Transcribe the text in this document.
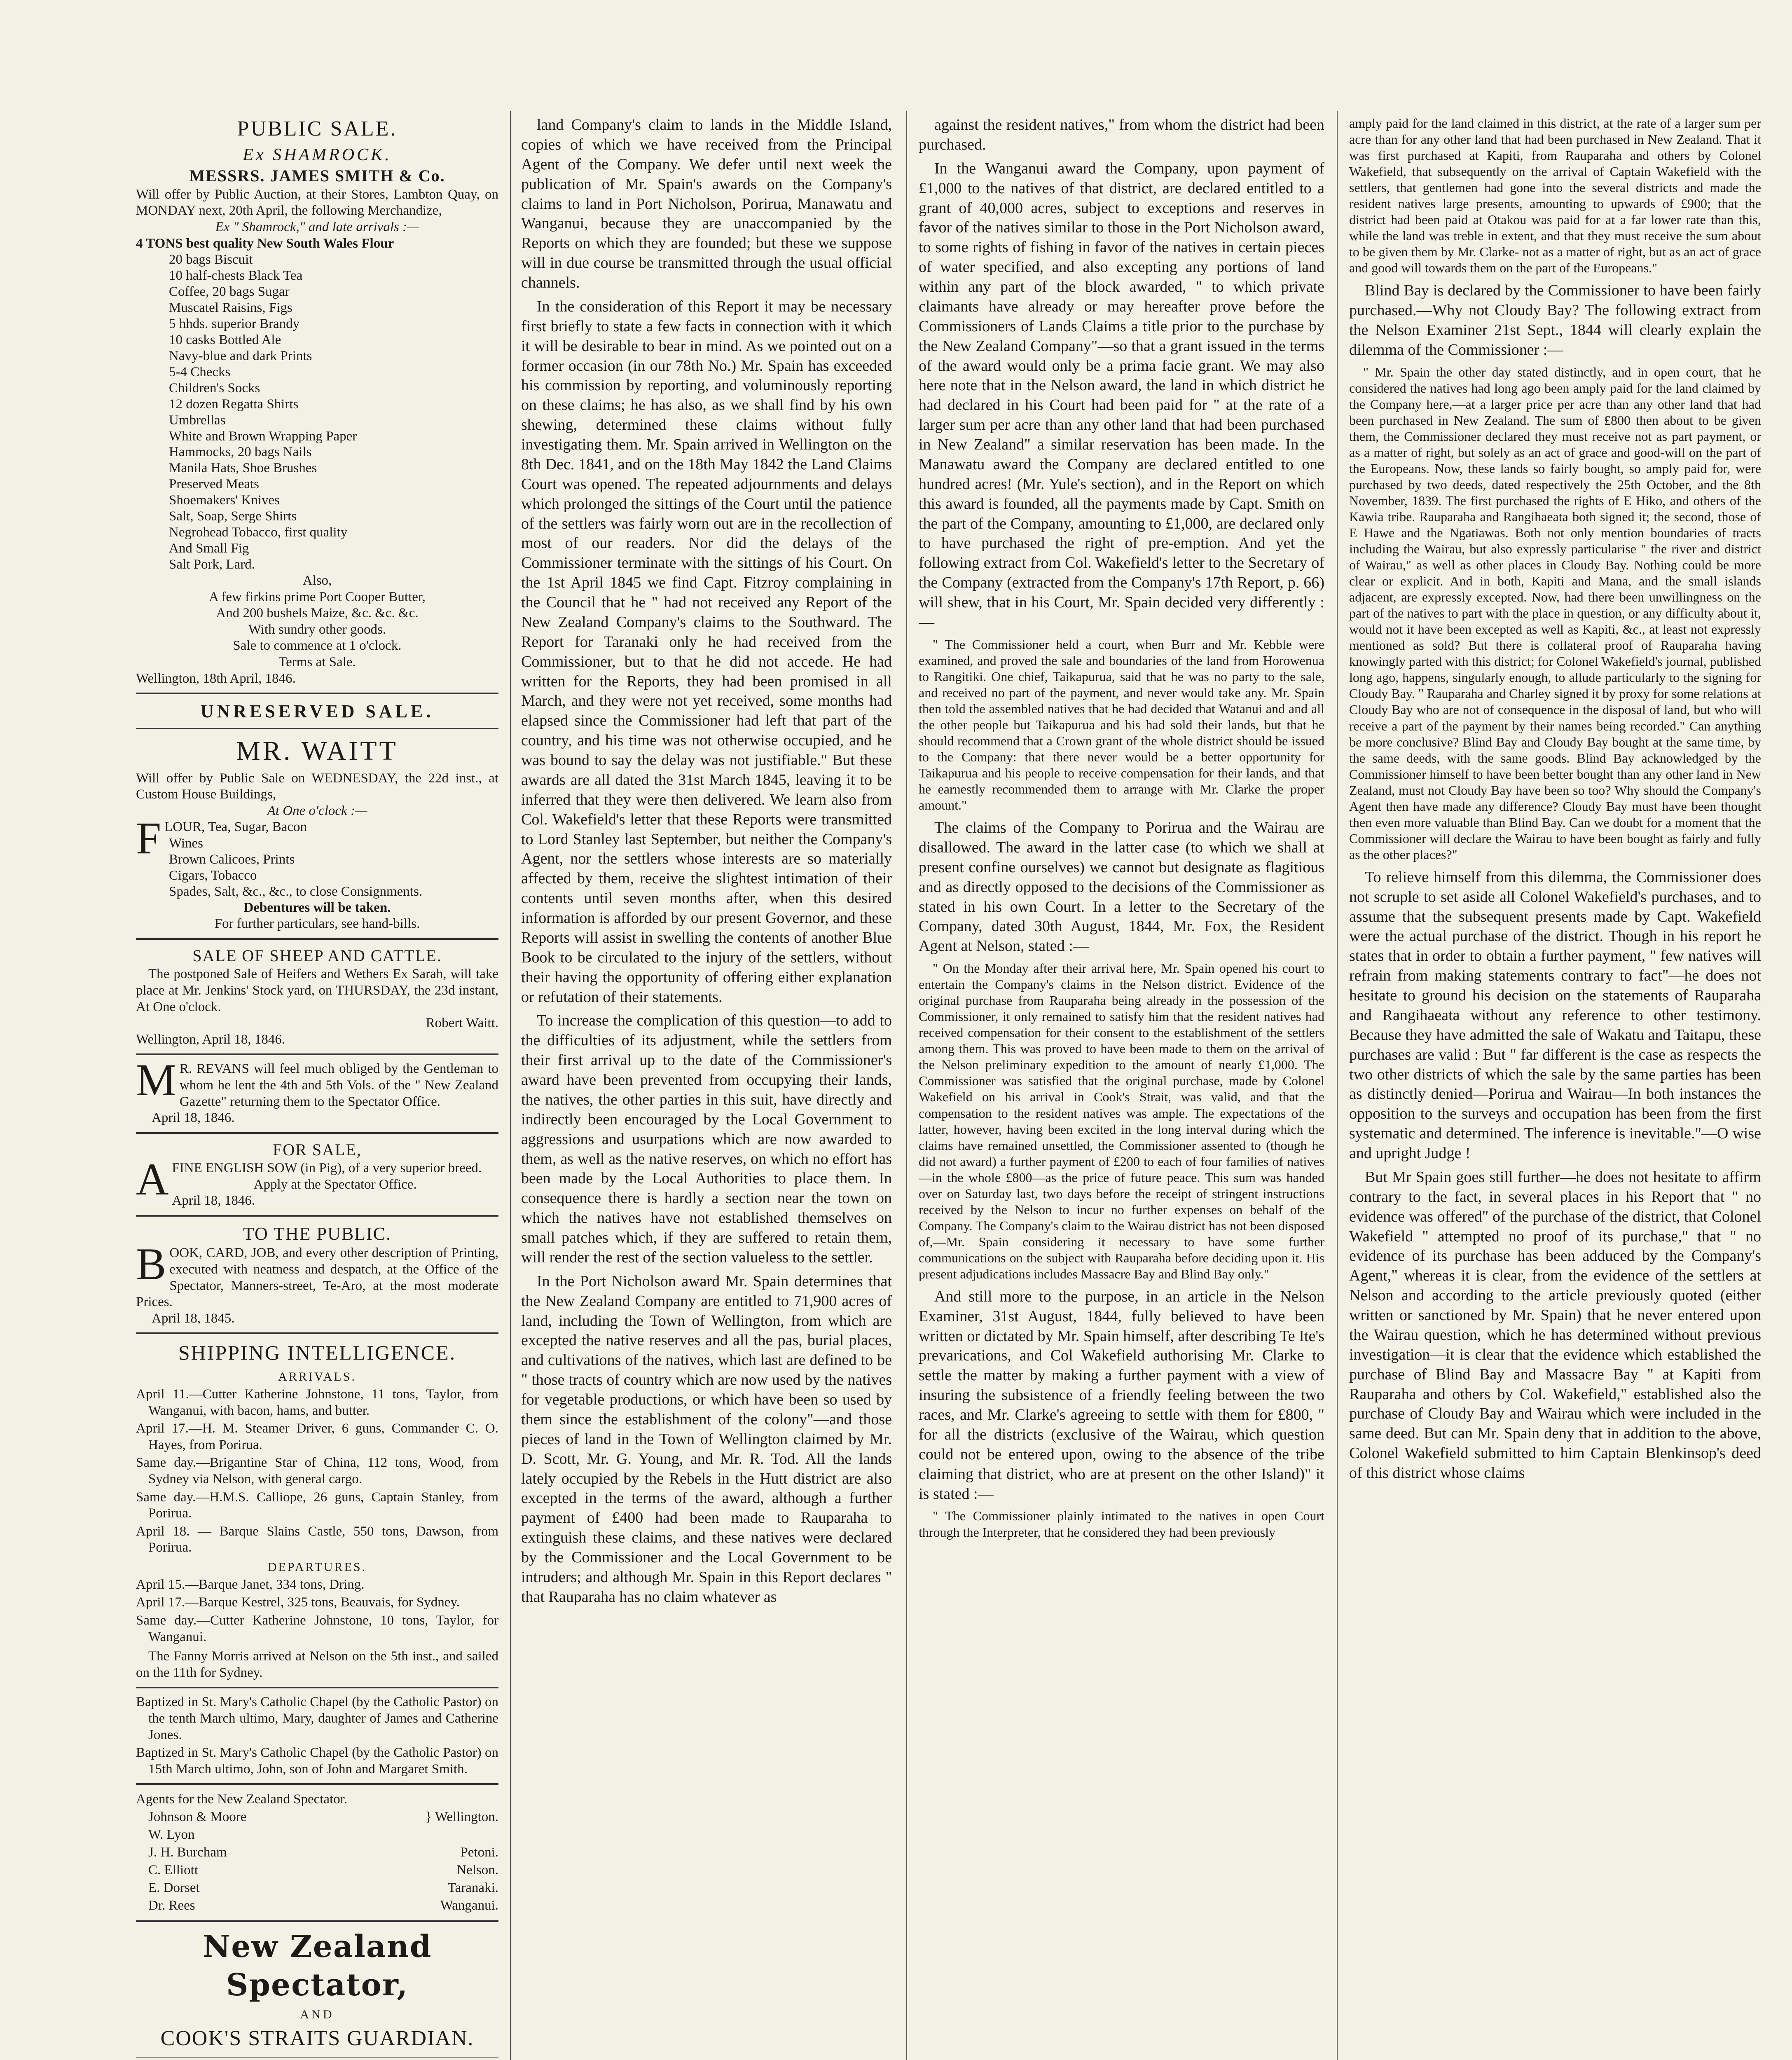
PUBLIC SALE.
Ex SHAMROCK.
MESSRS. JAMES SMITH & Co.
Will offer by Public Auction, at their Stores, Lambton Quay, on MONDAY next, 20th April, the following Merchandize,
Ex " Shamrock," and late arrivals :—
4 TONS best quality New South Wales Flour
20 bags Biscuit
10 half-chests Black Tea
Coffee, 20 bags Sugar
Muscatel Raisins, Figs
5 hhds. superior Brandy
10 casks Bottled Ale
Navy-blue and dark Prints
5-4 Checks
Children's Socks
12 dozen Regatta Shirts
Umbrellas
White and Brown Wrapping Paper
Hammocks, 20 bags Nails
Manila Hats, Shoe Brushes
Preserved Meats
Shoemakers' Knives
Salt, Soap, Serge Shirts
Negrohead Tobacco, first quality
And Small Fig
Salt Pork, Lard.
Also,
A few firkins prime Port Cooper Butter,
And 200 bushels Maize, &c. &c. &c.
With sundry other goods.
Sale to commence at 1 o'clock.
Terms at Sale.
Wellington, 18th April, 1846.
UNRESERVED SALE.
MR. WAITT
Will offer by Public Sale on WEDNESDAY, the 22d inst., at Custom House Buildings,
At One o'clock :—
FLOUR, Tea, Sugar, Bacon
Wines
Brown Calicoes, Prints
Cigars, Tobacco
Spades, Salt, &c., &c., to close Consignments.
Debentures will be taken.
For further particulars, see hand-bills.
SALE OF SHEEP AND CATTLE.
The postponed Sale of Heifers and Wethers Ex Sarah, will take place at Mr. Jenkins' Stock yard, on THURSDAY, the 23d instant, At One o'clock.
Robert Waitt.
Wellington, April 18, 1846.
MR. REVANS will feel much obliged by the Gentleman to whom he lent the 4th and 5th Vols. of the " New Zealand Gazette" returning them to the Spectator Office.
April 18, 1846.
FOR SALE,
AFINE ENGLISH SOW (in Pig), of a very superior breed.
Apply at the Spectator Office.
April 18, 1846.
TO THE PUBLIC.
BOOK, CARD, JOB, and every other description of Printing, executed with neatness and despatch, at the Office of the Spectator, Manners-street, Te-Aro, at the most moderate Prices.
April 18, 1845.
SHIPPING INTELLIGENCE.
ARRIVALS.
April 11.—Cutter Katherine Johnstone, 11 tons, Taylor, from Wanganui, with bacon, hams, and butter.
April 17.—H. M. Steamer Driver, 6 guns, Commander C. O. Hayes, from Porirua.
Same day.—Brigantine Star of China, 112 tons, Wood, from Sydney via Nelson, with general cargo.
Same day.—H.M.S. Calliope, 26 guns, Captain Stanley, from Porirua.
April 18. — Barque Slains Castle, 550 tons, Dawson, from Porirua.
DEPARTURES.
April 15.—Barque Janet, 334 tons, Dring.
April 17.—Barque Kestrel, 325 tons, Beauvais, for Sydney.
Same day.—Cutter Katherine Johnstone, 10 tons, Taylor, for Wanganui.
The Fanny Morris arrived at Nelson on the 5th inst., and sailed on the 11th for Sydney.
Baptized in St. Mary's Catholic Chapel (by the Catholic Pastor) on the tenth March ultimo, Mary, daughter of James and Catherine Jones.
Baptized in St. Mary's Catholic Chapel (by the Catholic Pastor) on 15th March ultimo, John, son of John and Margaret Smith.
Agents for the New Zealand Spectator.
Johnson & Moore	} Wellington.
W. Lyon
J. H. Burcham	Petoni.
C. Elliott	Nelson.
E. Dorset	Taranaki.
Dr. Rees	Wanganui.
New Zealand Spectator,
AND
COOK'S STRAITS GUARDIAN.

land Company's claim to lands in the Middle Island, copies of which we have received from the Principal Agent of the Company. We defer until next week the publication of Mr. Spain's awards on the Company's claims to land in Port Nicholson, Porirua, Manawatu and Wanganui, because they are unaccompanied by the Reports on which they are founded; but these we suppose will in due course be transmitted through the usual official channels.

In the consideration of this Report it may be necessary first briefly to state a few facts in connection with it which it will be desirable to bear in mind. As we pointed out on a former occasion (in our 78th No.) Mr. Spain has exceeded his commission by reporting, and voluminously reporting on these claims; he has also, as we shall find by his own shewing, determined these claims without fully investigating them. Mr. Spain arrived in Wellington on the 8th Dec. 1841, and on the 18th May 1842 the Land Claims Court was opened. The repeated adjournments and delays which prolonged the sittings of the Court until the patience of the settlers was fairly worn out are in the recollection of most of our readers. Nor did the delays of the Commissioner terminate with the sittings of his Court. On the 1st April 1845 we find Capt. Fitzroy complaining in the Council that he " had not received any Report of the New Zealand Company's claims to the Southward. The Report for Taranaki only he had received from the Commissioner, but to that he did not accede. He had written for the Reports, they had been promised in all March, and they were not yet received, some months had elapsed since the Commissioner had left that part of the country, and his time was not otherwise occupied, and he was bound to say the delay was not justifiable." But these awards are all dated the 31st March 1845, leaving it to be inferred that they were then delivered. We learn also from Col. Wakefield's letter that these Reports were transmitted to Lord Stanley last September, but neither the Company's Agent, nor the settlers whose interests are so materially affected by them, receive the slightest intimation of their contents until seven months after, when this desired information is afforded by our present Governor, and these Reports will assist in swelling the contents of another Blue Book to be circulated to the injury of the settlers, without their having the opportunity of offering either explanation or refutation of their statements.

To increase the complication of this question—to add to the difficulties of its adjustment, while the settlers from their first arrival up to the date of the Commissioner's award have been prevented from occupying their lands, the natives, the other parties in this suit, have directly and indirectly been encouraged by the Local Government to aggressions and usurpations which are now awarded to them, as well as the native reserves, on which no effort has been made by the Local Authorities to place them. In consequence there is hardly a section near the town on which the natives have not established themselves on small patches which, if they are suffered to retain them, will render the rest of the section valueless to the settler.

In the Port Nicholson award Mr. Spain determines that the New Zealand Company are entitled to 71,900 acres of land, including the Town of Wellington, from which are excepted the native reserves and all the pas, burial places, and cultivations of the natives, which last are defined to be " those tracts of country which are now used by the natives for vegetable productions, or which have been so used by them since the establishment of the colony"—and those pieces of land in the Town of Wellington claimed by Mr. D. Scott, Mr. G. Young, and Mr. R. Tod. All the lands lately occupied by the Rebels in the Hutt district are also excepted in the terms of the award, although a further payment of £400 had been made to Rauparaha to extinguish these claims, and these natives were declared by the Commissioner and the Local Government to be intruders; and although Mr. Spain in this Report declares " that Rauparaha has no claim whatever as

against the resident natives," from whom the district had been purchased.

In the Wanganui award the Company, upon payment of £1,000 to the natives of that district, are declared entitled to a grant of 40,000 acres, subject to exceptions and reserves in favor of the natives similar to those in the Port Nicholson award, to some rights of fishing in favor of the natives in certain pieces of water specified, and also excepting any portions of land within any part of the block awarded, " to which private claimants have already or may hereafter prove before the Commissioners of Lands Claims a title prior to the purchase by the New Zealand Company"—so that a grant issued in the terms of the award would only be a prima facie grant. We may also here note that in the Nelson award, the land in which district he had declared in his Court had been paid for " at the rate of a larger sum per acre than any other land that had been purchased in New Zealand" a similar reservation has been made. In the Manawatu award the Company are declared entitled to one hundred acres! (Mr. Yule's section), and in the Report on which this award is founded, all the payments made by Capt. Smith on the part of the Company, amounting to £1,000, are declared only to have purchased the right of pre-emption. And yet the following extract from Col. Wakefield's letter to the Secretary of the Company (extracted from the Company's 17th Report, p. 66) will shew, that in his Court, Mr. Spain decided very differently :—

" The Commissioner held a court, when Burr and Mr. Kebble were examined, and proved the sale and boundaries of the land from Horowenua to Rangitiki. One chief, Taikapurua, said that he was no party to the sale, and received no part of the payment, and never would take any. Mr. Spain then told the assembled natives that he had decided that Watanui and and all the other people but Taikapurua and his had sold their lands, but that he should recommend that a Crown grant of the whole district should be issued to the Company: that there never would be a better opportunity for Taikapurua and his people to receive compensation for their lands, and that he earnestly recommended them to arrange with Mr. Clarke the proper amount."

The claims of the Company to Porirua and the Wairau are disallowed. The award in the latter case (to which we shall at present confine ourselves) we cannot but designate as flagitious and as directly opposed to the decisions of the Commissioner as stated in his own Court. In a letter to the Secretary of the Company, dated 30th August, 1844, Mr. Fox, the Resident Agent at Nelson, stated :—

" On the Monday after their arrival here, Mr. Spain opened his court to entertain the Company's claims in the Nelson district. Evidence of the original purchase from Rauparaha being already in the possession of the Commissioner, it only remained to satisfy him that the resident natives had received compensation for their consent to the establishment of the settlers among them. This was proved to have been made to them on the arrival of the Nelson preliminary expedition to the amount of nearly £1,000. The Commissioner was satisfied that the original purchase, made by Colonel Wakefield on his arrival in Cook's Strait, was valid, and that the compensation to the resident natives was ample. The expectations of the latter, however, having been excited in the long interval during which the claims have remained unsettled, the Commissioner assented to (though he did not award) a further payment of £200 to each of four families of natives—in the whole £800—as the price of future peace. This sum was handed over on Saturday last, two days before the receipt of stringent instructions received by the Nelson to incur no further expenses on behalf of the Company. The Company's claim to the Wairau district has not been disposed of,—Mr. Spain considering it necessary to have some further communications on the subject with Rauparaha before deciding upon it. His present adjudications includes Massacre Bay and Blind Bay only."

And still more to the purpose, in an article in the Nelson Examiner, 31st August, 1844, fully believed to have been written or dictated by Mr. Spain himself, after describing Te Ite's prevarications, and Col Wakefield authorising Mr. Clarke to settle the matter by making a further payment with a view of insuring the subsistence of a friendly feeling between the two races, and Mr. Clarke's agreeing to settle with them for £800, " for all the districts (exclusive of the Wairau, which question could not be entered upon, owing to the absence of the tribe claiming that district, who are at present on the other Island)" it is stated :—

" The Commissioner plainly intimated to the natives in open Court through the Interpreter, that he considered they had been previously
amply paid for the land claimed in this district, at the rate of a larger sum per acre than for any other land that had been purchased in New Zealand. That it was first purchased at Kapiti, from Rauparaha and others by Colonel Wakefield, that subsequently on the arrival of Captain Wakefield with the settlers, that gentlemen had gone into the several districts and made the resident natives large presents, amounting to upwards of £900; that the district had been paid at Otakou was paid for at a far lower rate than this, while the land was treble in extent, and that they must receive the sum about to be given them by Mr. Clarke- not as a matter of right, but as an act of grace and good will towards them on the part of the Europeans."

Blind Bay is declared by the Commissioner to have been fairly purchased.—Why not Cloudy Bay? The following extract from the Nelson Examiner 21st Sept., 1844 will clearly explain the dilemma of the Commissioner :—

" Mr. Spain the other day stated distinctly, and in open court, that he considered the natives had long ago been amply paid for the land claimed by the Company here,—at a larger price per acre than any other land that had been purchased in New Zealand. The sum of £800 then about to be given them, the Commissioner declared they must receive not as part payment, or as a matter of right, but solely as an act of grace and good-will on the part of the Europeans. Now, these lands so fairly bought, so amply paid for, were purchased by two deeds, dated respectively the 25th October, and the 8th November, 1839. The first purchased the rights of E Hiko, and others of the Kawia tribe. Rauparaha and Rangihaeata both signed it; the second, those of E Hawe and the Ngatiawas. Both not only mention boundaries of tracts including the Wairau, but also expressly particularise " the river and district of Wairau," as well as other places in Cloudy Bay. Nothing could be more clear or explicit. And in both, Kapiti and Mana, and the small islands adjacent, are expressly excepted. Now, had there been unwillingness on the part of the natives to part with the place in question, or any difficulty about it, would not it have been excepted as well as Kapiti, &c., at least not expressly mentioned as sold? But there is collateral proof of Rauparaha having knowingly parted with this district; for Colonel Wakefield's journal, published long ago, happens, singularly enough, to allude particularly to the signing for Cloudy Bay. " Rauparaha and Charley signed it by proxy for some relations at Cloudy Bay who are not of consequence in the disposal of land, but who will receive a part of the payment by their names being recorded." Can anything be more conclusive? Blind Bay and Cloudy Bay bought at the same time, by the same deeds, with the same goods. Blind Bay acknowledged by the Commissioner himself to have been better bought than any other land in New Zealand, must not Cloudy Bay have been so too? Why should the Company's Agent then have made any difference? Cloudy Bay must have been thought then even more valuable than Blind Bay. Can we doubt for a moment that the Commissioner will declare the Wairau to have been bought as fairly and fully as the other places?"

To relieve himself from this dilemma, the Commissioner does not scruple to set aside all Colonel Wakefield's purchases, and to assume that the subsequent presents made by Capt. Wakefield were the actual purchase of the district. Though in his report he states that in order to obtain a further payment, " few natives will refrain from making statements contrary to fact"—he does not hesitate to ground his decision on the statements of Rauparaha and Rangihaeata without any reference to other testimony. Because they have admitted the sale of Wakatu and Taitapu, these purchases are valid : But " far different is the case as respects the two other districts of which the sale by the same parties has been as distinctly denied—Porirua and Wairau—In both instances the opposition to the surveys and occupation has been from the first systematic and determined. The inference is inevitable."—O wise and upright Judge !

But Mr Spain goes still further—he does not hesitate to affirm contrary to the fact, in several places in his Report that " no evidence was offered" of the purchase of the district, that Colonel Wakefield " attempted no proof of its purchase," that " no evidence of its purchase has been adduced by the Company's Agent," whereas it is clear, from the evidence of the settlers at Nelson and according to the article previously quoted (either written or sanctioned by Mr. Spain) that he never entered upon the Wairau question, which he has determined without previous investigation—it is clear that the evidence which established the purchase of Blind Bay and Massacre Bay " at Kapiti from Rauparaha and others by Col. Wakefield," established also the purchase of Cloudy Bay and Wairau which were included in the same deed. But can Mr. Spain deny that in addition to the above, Colonel Wakefield submitted to him Captain Blenkinsop's deed of this district whose claims
